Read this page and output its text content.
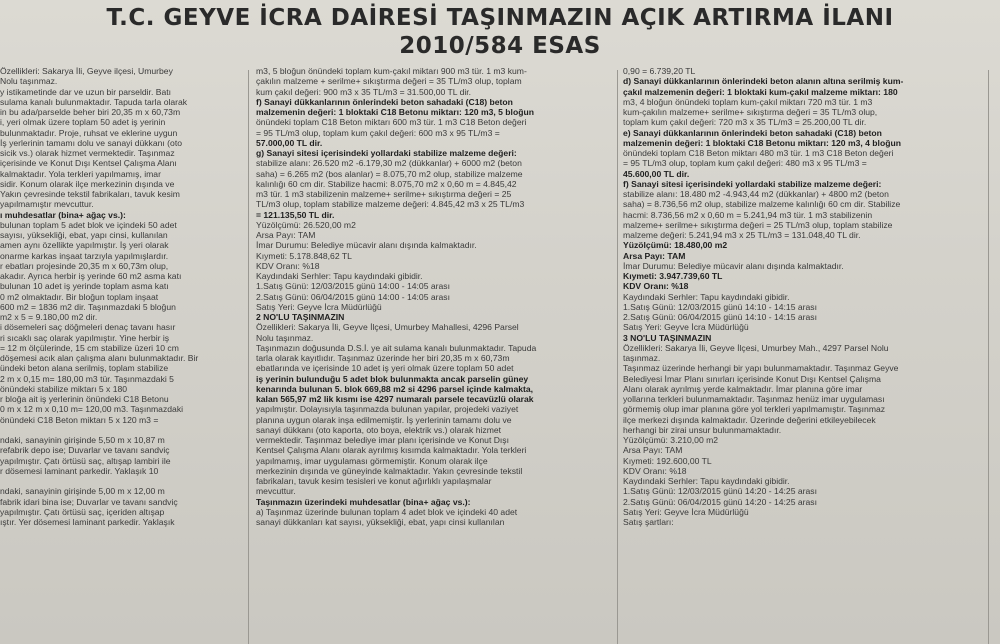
T.C. GEYVE İCRA DAİRESİ TAŞINMAZIN AÇIK ARTIRMA İLANI
2010/584 ESAS
Özellikleri: Sakarya İli, Geyve ilçesi, Umurbey
Nolu taşınmaz.
y istikametinde dar ve uzun bir parseldir. Batı
sulama kanalı bulunmaktadır. Tapuda tarla olarak
in bu ada/parselde beher biri 20,35 m x 60,73m
i, yeri olmak üzere toplam 50 adet iş yerinin
bulunmaktadır. Proje, ruhsat ve eklerine uygun
İş yerlerinin tamamı dolu ve sanayi dükkanı (oto
sicik vs.) olarak hizmet vermektedir. Taşınmaz
içerisinde ve Konut Dışı Kentsel Çalışma Alanı
kalmaktadır. Yola terkleri yapılmamış, imar
sidir. Konum olarak ilçe merkezinin dışında ve
Yakın çevresinde tekstil fabrikaları, tavuk kesim
yapılmamıştır mevcuttur.
ı muhdesatlar (bina+ ağaç vs.):
bulunan toplam 5 adet blok ve içindeki 50 adet
sayısı, yüksekliği, ebat, yapı cinsi, kullanılan
amen aynı özellikte yapılmıştır. İş yeri olarak
onarme karkas inşaat tarzıyla yapılmışlardır.
r ebatları projesinde 20,35 m x 60,73m olup,
akadır. Ayrıca herbir iş yerinde 60 m2 asma katı
bulunan 10 adet iş yerinde toplam asma katı
0 m2 olmaktadır. Bir bloğun toplam inşaat
600 m2 = 1836 m2 dir. Taşınmazdaki 5 bloğun
m2 x 5 = 9.180,00 m2 dir.
i dösemeleri saç döğmeleri denaç tavanı hasır
ri sıcaklı saç olarak yapılmıştır. Yine herbir iş
= 12 m ölçülerinde, 15 cm stabilize üzeri 10 cm
döşemesi acık alan çalışma alanı bulunmaktadır. Bir
ündeki beton alana serilmiş, toplam stabilize
2 m x 0,15 m= 180,00 m3 tür. Taşınmazdaki 5
önündeki stabilize miktarı 5 x 180
r bloğa ait iş yerlerinin önündeki C18 Betonu
0 m x 12 m x 0,10 m= 120,00 m3. Taşınmazdaki
önündeki C18 Beton miktarı 5 x 120 m3 =
ndaki, sanayinin girişinde 5,50 m x 10,87 m
refabrik depo ise; Duvarlar ve tavanı sandviç
yapılmıştır. Çatı örtüsü saç, altışap lambiri ile
r dösemesi laminant parkedir. Yaklaşık 10
ndaki, sanayinin girişinde 5,00 m x 12,00 m
fabrik idari bina ise; Duvarlar ve tavanı sandviç
yapılmıştır. Çatı örtüsü saç, içeriden altışap
ıştır. Yer dösemesi laminant parkedir. Yaklaşık
m3, 5 bloğun önündeki toplam kum-çakıl miktarı 900 m3 tür. 1 m3 kum-
çakılın malzeme + serilme+ sıkıştırma değeri = 35 TL/m3 olup, toplam
kum çakıl değeri: 900 m3 x 35 TL/m3 = 31.500,00 TL dir.
f) Sanayi dükkanlarının önlerindeki beton sahadaki (C18) beton
malzemenin değeri: 1 bloktaki C18 Betonu miktarı: 120 m3, 5 bloğun
önündeki toplam C18 Beton miktarı 600 m3 tür. 1 m3 C18 Beton değeri
= 95 TL/m3 olup, toplam kum çakıl değeri: 600 m3 x 95 TL/m3 =
57.000,00 TL dir.
g) Sanayi sitesi içerisindeki yollardaki stabilize malzeme değeri:
stabilize alanı: 26.520 m2 -6.179,30 m2 (dükkanlar) + 6000 m2 (beton
saha) = 6.265 m2 (bos alanlar) = 8.075,70 m2 olup, stabilize malzeme
kalınlığı 60 cm dir. Stabilize hacmi: 8.075,70 m2 x 0,60 m = 4.845,42
m3 tür. 1 m3 stabilizenin malzeme+ serilme+ sıkıştırma değeri = 25
TL/m3 olup, toplam stabilize malzeme değeri: 4.845,42 m3 x 25 TL/m3
= 121.135,50 TL dir.
Yüzölçümü: 26.520,00 m2
Arsa Payı: TAM
İmar Durumu: Belediye mücavir alanı dışında kalmaktadır.
Kıymeti: 5.178.848,62 TL
KDV Oranı: %18
Kaydındaki Serhler: Tapu kaydındaki gibidir.
1.Satış Günü: 12/03/2015 günü 14:00 - 14:05 arası
2.Satış Günü: 06/04/2015 günü 14:00 - 14:05 arası
Satış Yeri: Geyve İcra Müdürlüğü
2 NO'LU TAŞINMAZIN
Özellikleri: Sakarya İli, Geyve İlçesi, Umurbey Mahallesi, 4296 Parsel
Nolu taşınmaz.
Taşınmazın doğusunda D.S.İ. ye ait sulama kanalı bulunmaktadır. Tapuda
tarla olarak kayıtlıdır. Taşınmaz üzerinde her biri 20,35 m x 60,73m
ebatlarında ve içerisinde 10 adet iş yeri olmak üzere toplam 50 adet
iş yerinin bulunduğu 5 adet blok bulunmakta ancak parselin güney
kenarında bulunan 5. blok 669,88 m2 si 4296 parsel içinde kalmakta,
kalan 565,97 m2 lik kısmı ise 4297 numaralı parsele tecavüzlü olarak
yapılmıştır. Dolayısıyla taşınmazda bulunan yapılar, projedeki vaziyet
planına uygun olarak inşa edilmemiştir. İş yerlerinin tamamı dolu ve
sanayi dükkanı (oto kaporta, oto boya, elektrik vs.) olarak hizmet
vermektedir. Taşınmaz belediye imar planı içerisinde ve Konut Dışı
Kentsel Çalışma Alanı olarak ayrılmış kısımda kalmaktadır. Yola terkleri
yapılmamış, imar uygulaması görmemiştir. Konum olarak ilçe
merkezinin dışında ve güneyinde kalmaktadır. Yakın çevresinde tekstil
fabrikaları, tavuk kesim tesisleri ve konut ağırlıklı yapılaşmalar
mevcuttur.
Taşınmazın üzerindeki muhdesatlar (bina+ ağaç vs.):
a) Taşınmaz üzerinde bulunan toplam 4 adet blok ve içindeki 40 adet
sanayi dükkanları kat sayısı, yüksekliği, ebat, yapı cinsi kullanılan
0,90 = 6.739,20 TL
d) Sanayi dükkanlarının önlerindeki beton alanın altına serilmiş kum-
çakıl malzemenin değeri: 1 bloktaki kum-çakıl malzeme miktarı: 180
m3, 4 bloğun önündeki toplam kum-çakıl miktarı 720 m3 tür. 1 m3
kum-çakılın malzeme+ serilme+ sıkıştırma değeri = 35 TL/m3 olup,
toplam kum çakıl değeri: 720 m3 x 35 TL/m3 = 25.200,00 TL dir.
e) Sanayi dükkanlarının önlerindeki beton sahadaki (C18) beton
malzemenin değeri: 1 bloktaki C18 Betonu miktarı: 120 m3, 4 bloğun
önündeki toplam C18 Beton miktarı 480 m3 tür. 1 m3 C18 Beton değeri
= 95 TL/m3 olup, toplam kum çakıl değeri: 480 m3 x 95 TL/m3 =
45.600,00 TL dir.
f) Sanayi sitesi içerisindeki yollardaki stabilize malzeme değeri:
stabilize alanı: 18.480 m2 -4.943,44 m2 (dükkanlar) + 4800 m2 (beton
saha) = 8.736,56 m2 olup, stabilize malzeme kalınlığı 60 cm dir. Stabilize
hacmi: 8.736,56 m2 x 0,60 m = 5.241,94 m3 tür. 1 m3 stabilizenin
malzeme+ serilme+ sıkıştırma değeri = 25 TL/m3 olup, toplam stabilize
malzeme değeri: 5.241,94 m3 x 25 TL/m3 = 131.048,40 TL dir.
Yüzölçümü: 18.480,00 m2
Arsa Payı: TAM
İmar Durumu: Belediye mücavir alanı dışında kalmaktadır.
Kıymeti: 3.947.739,60 TL
KDV Oranı: %18
Kaydındaki Serhler: Tapu kaydındaki gibidir.
1.Satış Günü: 12/03/2015 günü 14:10 - 14:15 arası
2.Satış Günü: 06/04/2015 günü 14:10 - 14:15 arası
Satış Yeri: Geyve İcra Müdürlüğü
3 NO'LU TAŞINMAZIN
Özellikleri: Sakarya İli, Geyve İlçesi, Umurbey Mah., 4297 Parsel Nolu
taşınmaz.
Taşınmaz üzerinde herhangi bir yapı bulunmamaktadır. Taşınmaz Geyve
Belediyesi İmar Planı sınırları içerisinde Konut Dışı Kentsel Çalışma
Alanı olarak ayrılmış yerde kalmaktadır. İmar planına göre imar
yollarına terkleri bulunmamaktadır. Taşınmaz henüz imar uygulaması
görmemiş olup imar planına göre yol terkleri yapılmamıştır. Taşınmaz
ilçe merkezi dışında kalmaktadır. Üzerinde değerini etkileyebilecek
herhangi bir zirai unsur bulunmamaktadır.
Yüzölçümü: 3.210,00 m2
Arsa Payı: TAM
Kıymeti: 192.600,00 TL
KDV Oranı: %18
Kaydındaki Serhler: Tapu kaydındaki gibidir.
1.Satış Günü: 12/03/2015 günü 14:20 - 14:25 arası
2.Satış Günü: 06/04/2015 günü 14:20 - 14:25 arası
Satış Yeri: Geyve İcra Müdürlüğü
Satış şartları:
